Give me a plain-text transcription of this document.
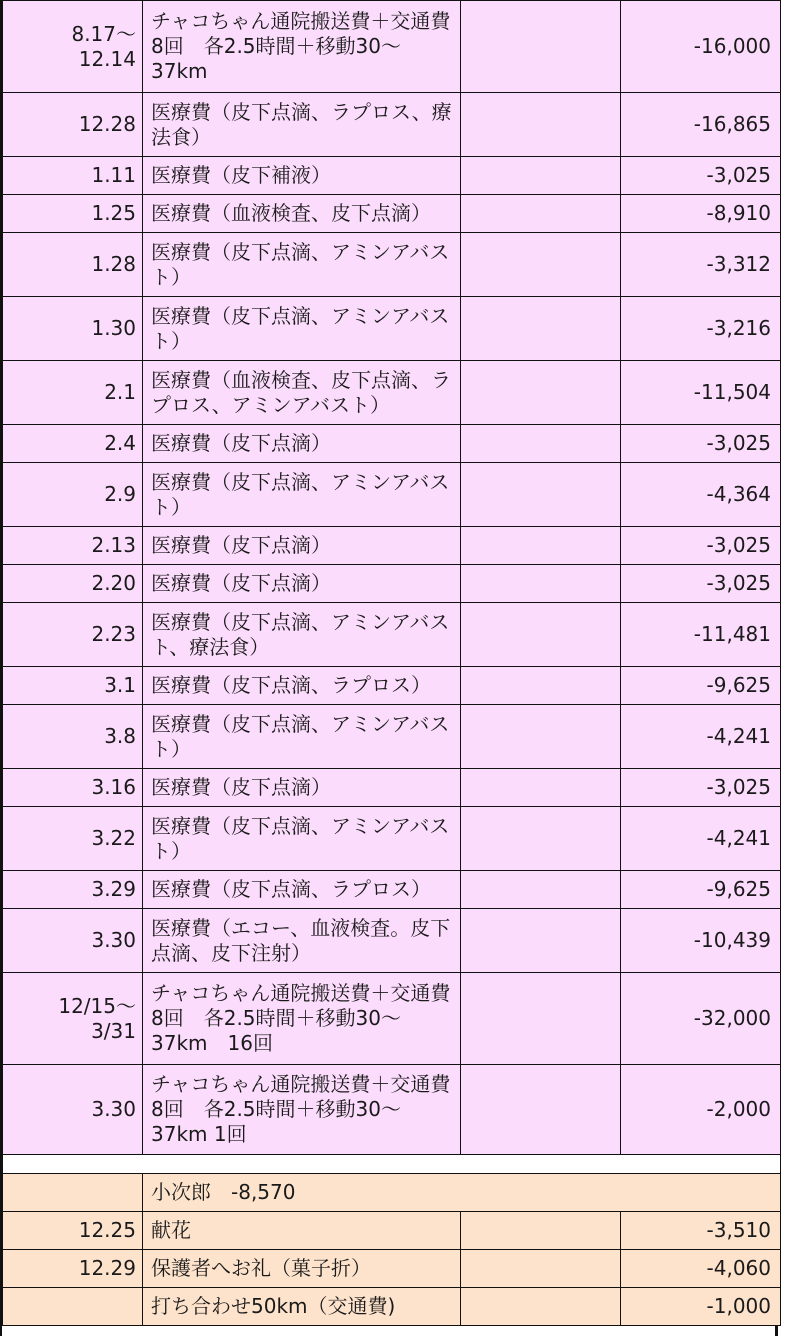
8.17〜
12.14	チャコちゃん通院搬送費＋交通費
8回　各2.5時間＋移動30〜
37km		-16,000
12.28	医療費（皮下点滴、ラプロス、療
法食）		-16,865
1.11	医療費（皮下補液）		-3,025
1.25	医療費（血液検査、皮下点滴）		-8,910
1.28	医療費（皮下点滴、アミンアバス
ト）		-3,312
1.30	医療費（皮下点滴、アミンアバス
ト）		-3,216
2.1	医療費（血液検査、皮下点滴、ラ
プロス、アミンアバスト）		-11,504
2.4	医療費（皮下点滴）		-3,025
2.9	医療費（皮下点滴、アミンアバス
ト）		-4,364
2.13	医療費（皮下点滴）		-3,025
2.20	医療費（皮下点滴）		-3,025
2.23	医療費（皮下点滴、アミンアバス
ト、療法食）		-11,481
3.1	医療費（皮下点滴、ラプロス）		-9,625
3.8	医療費（皮下点滴、アミンアバス
ト）		-4,241
3.16	医療費（皮下点滴）		-3,025
3.22	医療費（皮下点滴、アミンアバス
ト）		-4,241
3.29	医療費（皮下点滴、ラプロス）		-9,625
3.30	医療費（エコー、血液検査。皮下
点滴、皮下注射）		-10,439
12/15〜
3/31	チャコちゃん通院搬送費＋交通費
8回　各2.5時間＋移動30〜
37km　16回		-32,000
3.30	チャコちゃん通院搬送費＋交通費
8回　各2.5時間＋移動30〜
37km 1回		-2,000

	小次郎　-8,570		
12.25	献花		-3,510
12.29	保護者へお礼（菓子折）		-4,060
	打ち合わせ50km（交通費)		-1,000
